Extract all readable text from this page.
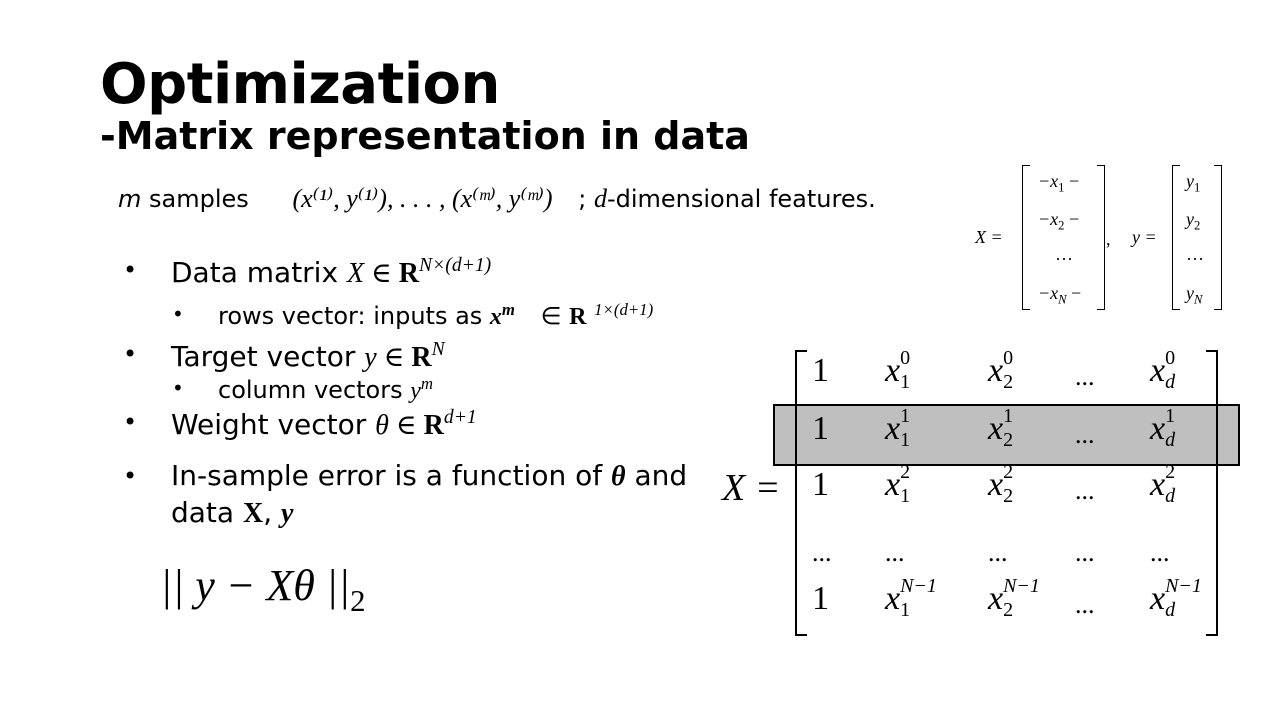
Optimization
-Matrix representation in data
m samples (x⁽¹⁾, y⁽¹⁾), . . . , (x⁽ᵐ⁾, y⁽ᵐ⁾) ; d-dimensional features.
• Data matrix X ∈ $R^{N\times(d+1)}$
• rows vector: inputs as $x^m$ ∈ R $^{1\times(d+1)}$
• Target vector y ∈ $R^N$
• column vectors $y^m$
• Weight vector θ ∈ $R^{d+1}$
• In-sample error is a function of θ and
data X, y
|| y − Xθ $||_2$
X =
$-x_1$ −
$-x_2$ −
···
$-x_N$ −
, y =
$y_1$
$y_2$
···
$y_N$
X =
1 x 0
1 x 0
2 ... x 0
d
1 x 1
1 x 1
2 ... x 1
d
1 x 2
1 x 2
2 ... x 2
d
... ...	...	... ...
1 x N−1
1 x N−1
2 ... x N−1
d
